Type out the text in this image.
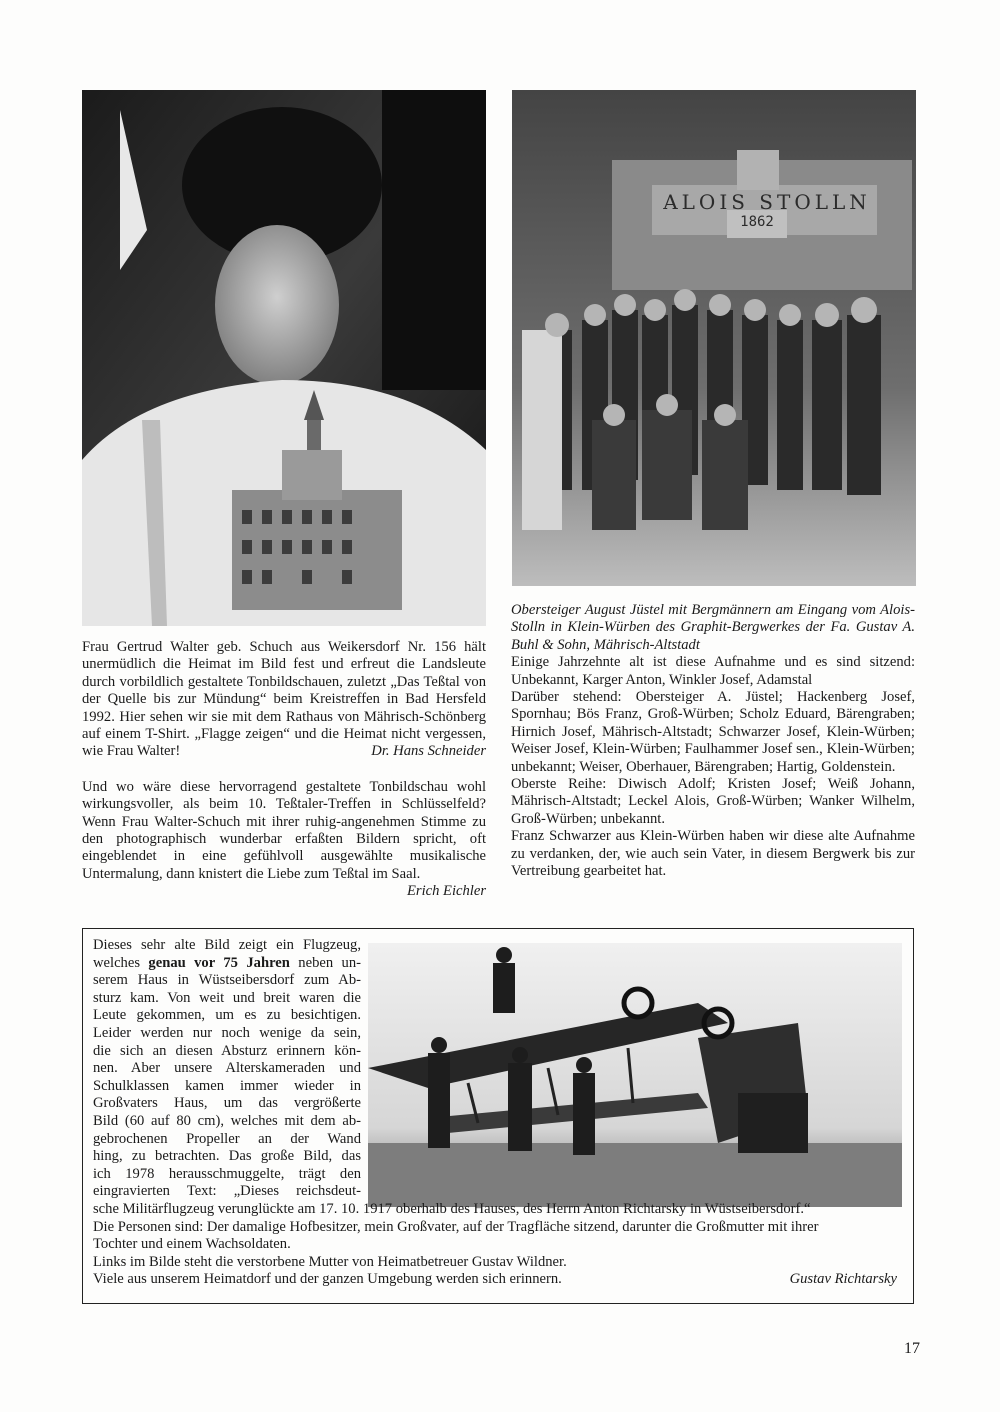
ALOIS STOLLN
1862

Frau Gertrud Walter geb. Schuch aus Weikersdorf Nr. 156 hält unermüdlich die Heimat im Bild fest und erfreut die Landsleute durch vorbildlich gestaltete Tonbildschauen, zuletzt „Das Teßtal von der Quelle bis zur Mündung“ beim Kreistreffen in Bad Hersfeld 1992. Hier sehen wir sie mit dem Rathaus von Mährisch-Schönberg auf einem T-Shirt. „Flagge zeigen“ und die Heimat nicht vergessen, wie Frau Walter!	Dr. Hans Schneider

Und wo wäre diese hervorragend gestaltete Tonbildschau wohl wirkungsvoller, als beim 10. Teßtaler-Treffen in Schlüsselfeld? Wenn Frau Walter-Schuch mit ihrer ruhig-angenehmen Stimme zu den photographisch wunderbar erfaßten Bildern spricht, oft eingeblendet in eine gefühlvoll ausgewählte musikalische Untermalung, dann knistert die Liebe zum Teßtal im Saal.

Erich Eichler

Obersteiger August Jüstel mit Bergmännern am Eingang vom Alois-Stolln in Klein-Würben des Graphit-Bergwerkes der Fa. Gustav A. Buhl & Sohn, Mährisch-Altstadt

Einige Jahrzehnte alt ist diese Aufnahme und es sind sitzend: Unbekannt, Karger Anton, Winkler Josef, Adamstal

Darüber stehend: Obersteiger A. Jüstel; Hackenberg Josef, Spornhau; Bös Franz, Groß-Würben; Scholz Eduard, Bärengraben; Hirnich Josef, Mährisch-Altstadt; Schwarzer Josef, Klein-Würben; Weiser Josef, Klein-Würben; Faulhammer Josef sen., Klein-Würben; unbekannt; Weiser, Oberhauer, Bärengraben; Hartig, Goldenstein.

Oberste Reihe: Diwisch Adolf; Kristen Josef; Weiß Johann, Mährisch-Altstadt; Leckel Alois, Groß-Würben; Wanker Wilhelm, Groß-Würben; unbekannt.

Franz Schwarzer aus Klein-Würben haben wir diese alte Aufnahme zu verdanken, der, wie auch sein Vater, in diesem Bergwerk bis zur Vertreibung gearbeitet hat.

Dieses sehr alte Bild zeigt ein Flugzeug,
welches genau vor 75 Jahren neben un-
serem Haus in Wüstseibersdorf zum Ab-
sturz kam. Von weit und breit waren die
Leute gekommen, um es zu besichtigen.
Leider werden nur noch wenige da sein,
die sich an diesen Absturz erinnern kön-
nen. Aber unsere Alterskameraden und
Schulklassen kamen immer wieder in
Großvaters Haus, um das vergrößerte
Bild (60 auf 80 cm), welches mit dem ab-
gebrochenen Propeller an der Wand
hing, zu betrachten. Das große Bild, das
ich 1978 herausschmuggelte, trägt den
eingravierten Text: „Dieses reichsdeut-
sche Militärflugzeug verunglückte am 17. 10. 1917 oberhalb des Hauses, des Herrn Anton Richtarsky in Wüstseibersdorf.“
Die Personen sind: Der damalige Hofbesitzer, mein Großvater, auf der Tragfläche sitzend, darunter die Großmutter mit ihrer
Tochter und einem Wachsoldaten.
Links im Bilde steht die verstorbene Mutter von Heimatbetreuer Gustav Wildner.
Viele aus unserem Heimatdorf und der ganzen Umgebung werden sich erinnern.	Gustav Richtarsky
17
